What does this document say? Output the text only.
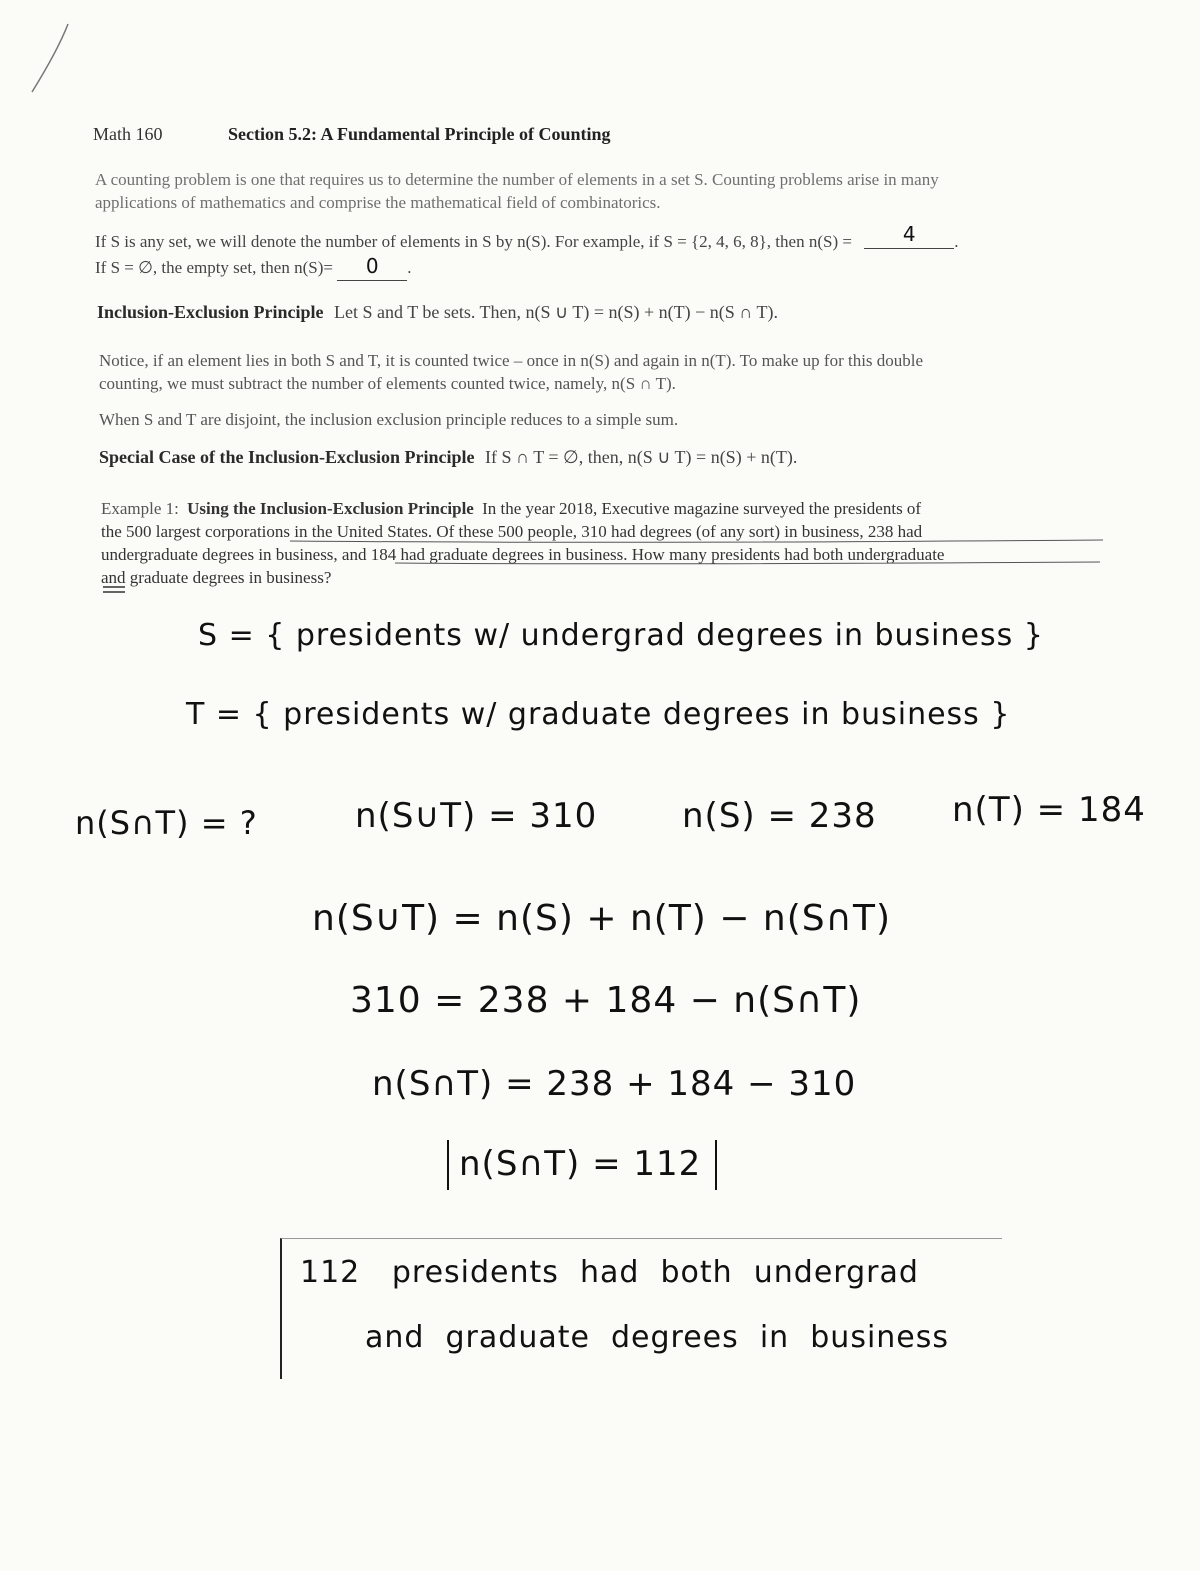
Math 160	Section 5.2: A Fundamental Principle of Counting
A counting problem is one that requires us to determine the number of elements in a set S. Counting problems arise in many
applications of mathematics and comprise the mathematical field of combinatorics.
If S is any set, we will denote the number of elements in S by n(S). For example, if S = {2, 4, 6, 8}, then n(S) =	4 .
If S = ∅, the empty set, then n(S)= 0 .
Inclusion-Exclusion Principle Let S and T be sets. Then, n(S ∪ T) = n(S) + n(T) − n(S ∩ T).
Notice, if an element lies in both S and T, it is counted twice – once in n(S) and again in n(T). To make up for this double
counting, we must subtract the number of elements counted twice, namely, n(S ∩ T).
When S and T are disjoint, the inclusion exclusion principle reduces to a simple sum.
Special Case of the Inclusion-Exclusion Principle If S ∩ T = ∅, then, n(S ∪ T) = n(S) + n(T).
Example 1: Using the Inclusion-Exclusion Principle In the year 2018, Executive magazine surveyed the presidents of
the 500 largest corporations in the United States. Of these 500 people, 310 had degrees (of any sort) in business, 238 had
undergraduate degrees in business, and 184 had graduate degrees in business. How many presidents had both undergraduate
and graduate degrees in business?
S = { presidents w/ undergrad degrees in business }
T = { presidents w/ graduate degrees in business }
n(S∩T) = ?	n(S∪T) = 310 n(S) = 238 n(T) = 184
n(S∪T) = n(S) + n(T) − n(S∩T)
310 = 238 + 184 − n(S∩T)
n(S∩T) = 238 + 184 − 310
n(S∩T) = 112
112   presidents  had  both  undergrad
and  graduate  degrees  in  business
